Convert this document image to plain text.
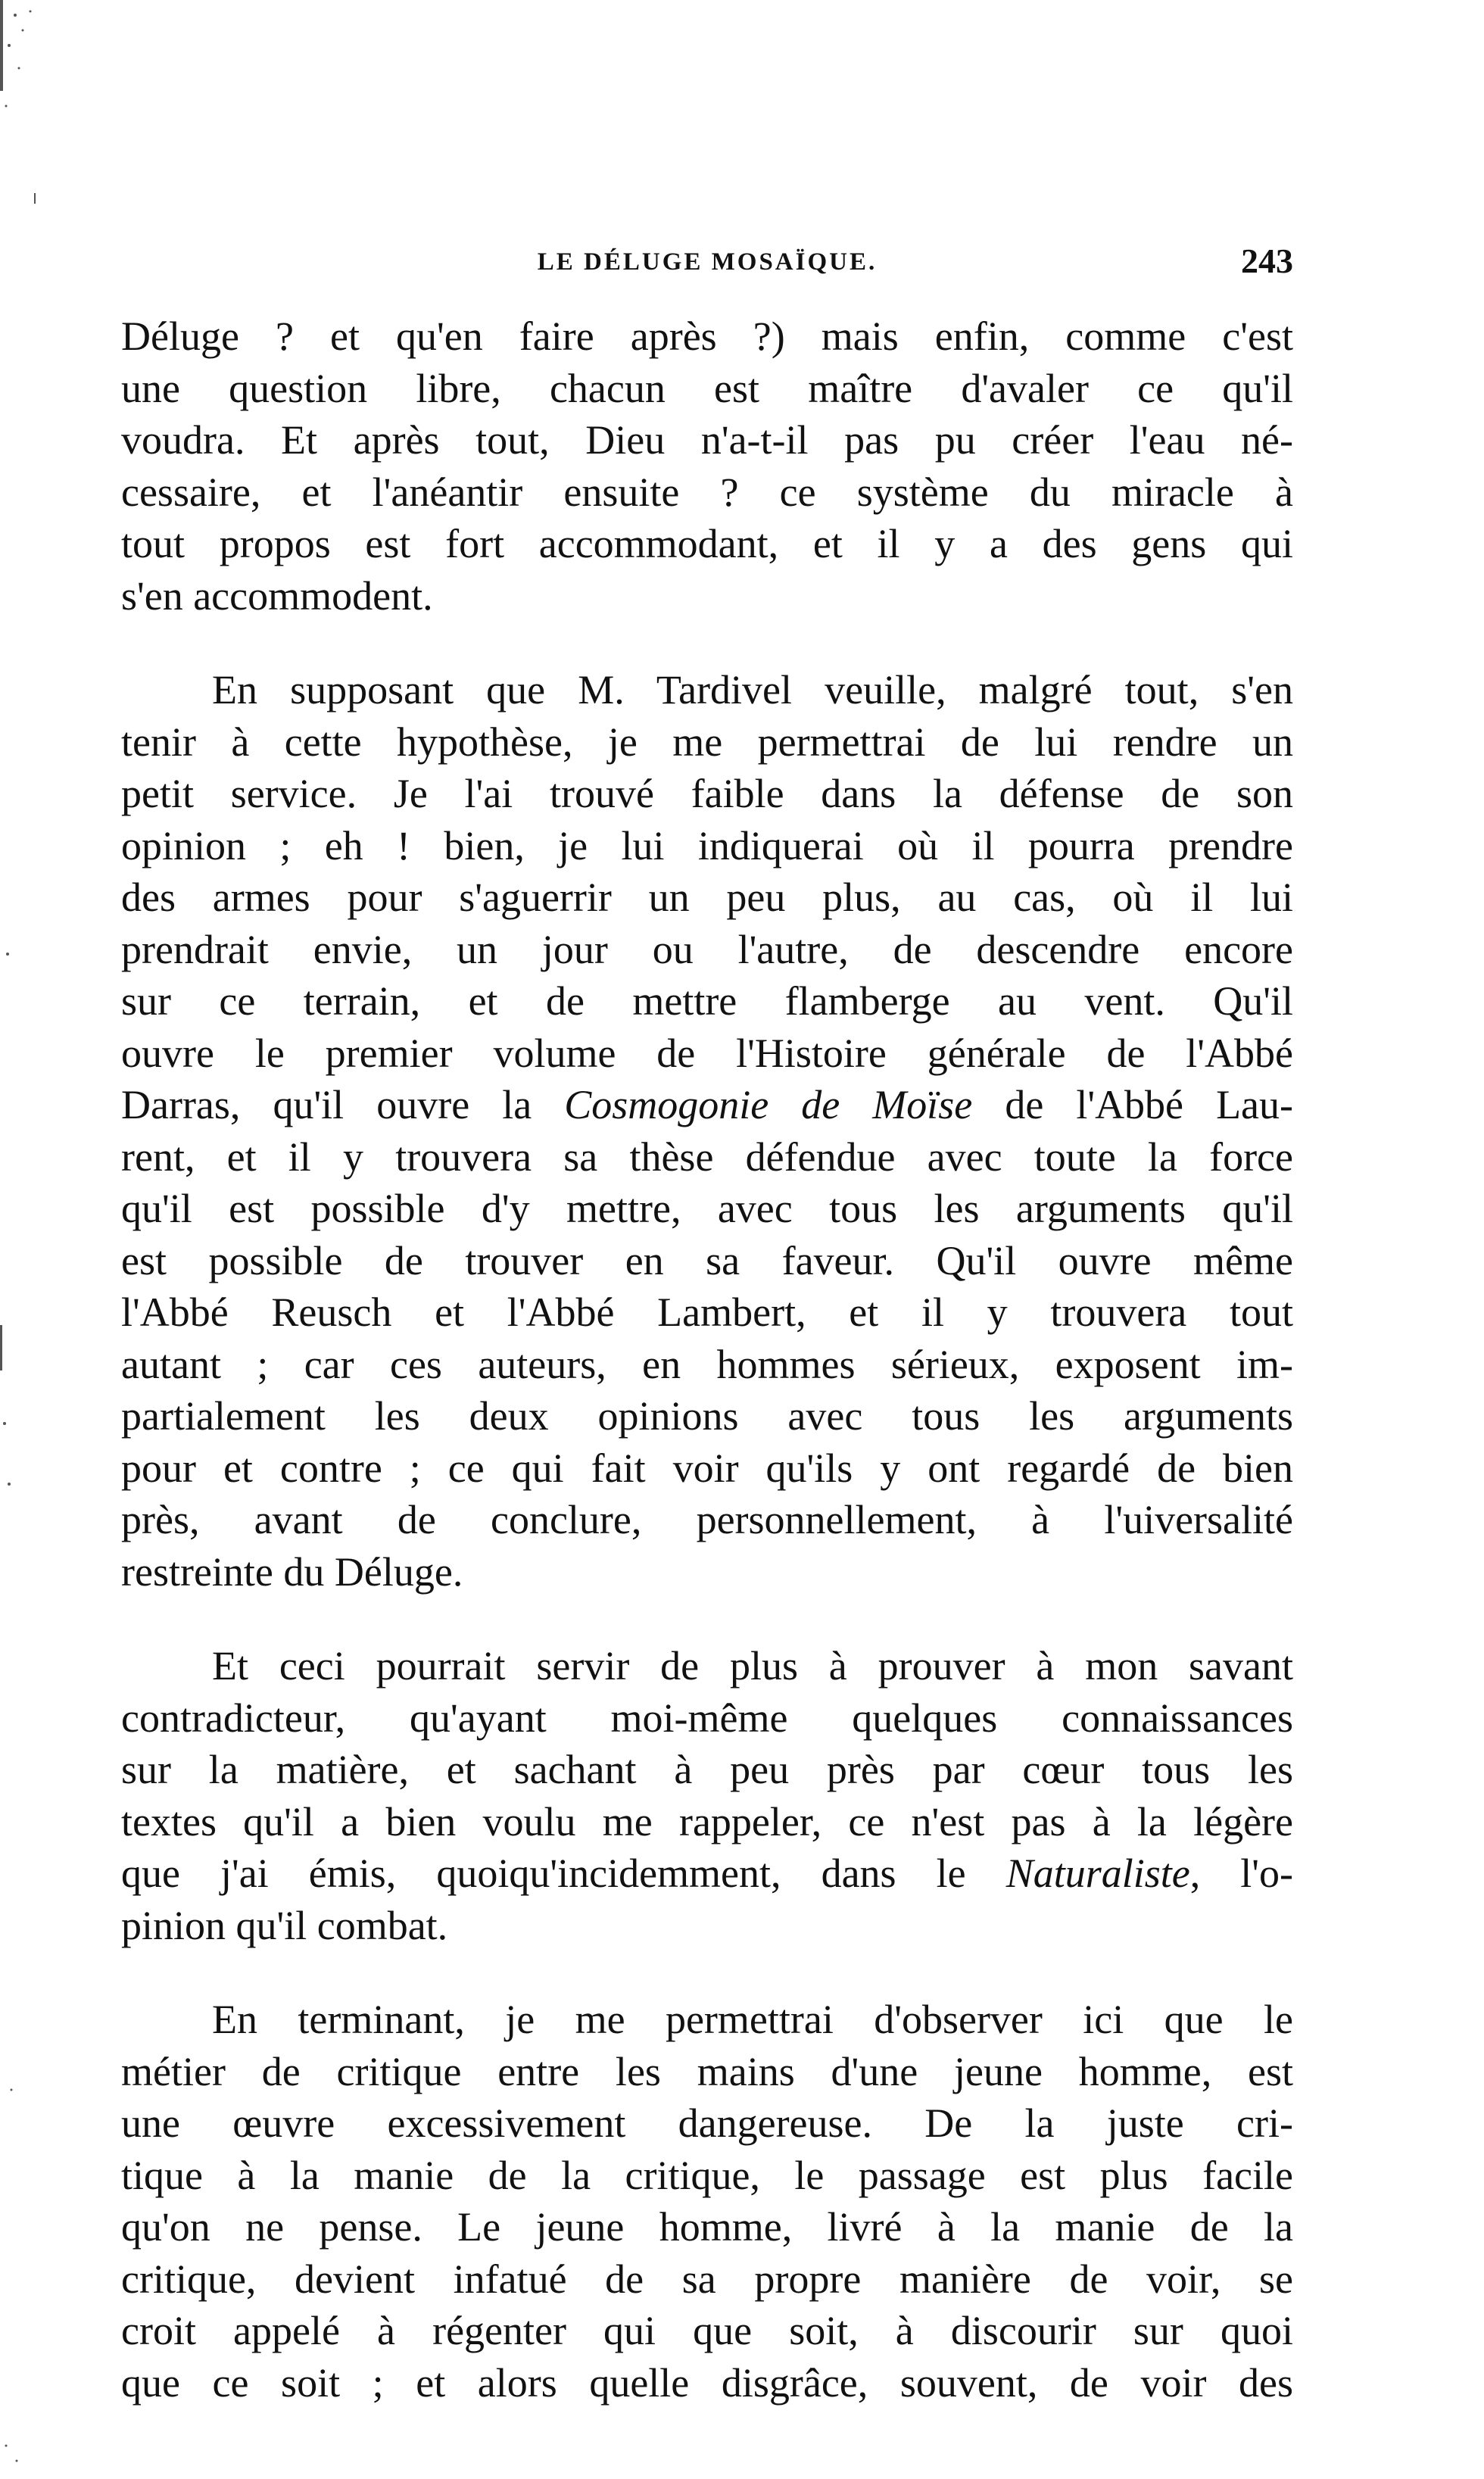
LE DÉLUGE MOSAÏQUE.	243
Déluge ? et qu'en faire après ?) mais enfin, comme c'est
une question libre, chacun est maître d'avaler ce qu'il
voudra. Et après tout, Dieu n'a-t-il pas pu créer l'eau né-
cessaire, et l'anéantir ensuite ? ce système du miracle à
tout propos est fort accommodant, et il y a des gens qui
s'en accommodent.
En supposant que M. Tardivel veuille, malgré tout, s'en
tenir à cette hypothèse, je me permettrai de lui rendre un
petit service. Je l'ai trouvé faible dans la défense de son
opinion ; eh ! bien, je lui indiquerai où il pourra prendre
des armes pour s'aguerrir un peu plus, au cas, où il lui
prendrait envie, un jour ou l'autre, de descendre encore
sur ce terrain, et de mettre flamberge au vent. Qu'il
ouvre le premier volume de l'Histoire générale de l'Abbé
Darras, qu'il ouvre la Cosmogonie de Moïse de l'Abbé Lau-
rent, et il y trouvera sa thèse défendue avec toute la force
qu'il est possible d'y mettre, avec tous les arguments qu'il
est possible de trouver en sa faveur. Qu'il ouvre même
l'Abbé Reusch et l'Abbé Lambert, et il y trouvera tout
autant ; car ces auteurs, en hommes sérieux, exposent im-
partialement les deux opinions avec tous les arguments
pour et contre ; ce qui fait voir qu'ils y ont regardé de bien
près, avant de conclure, personnellement, à l'uiversalité
restreinte du Déluge.
Et ceci pourrait servir de plus à prouver à mon savant
contradicteur, qu'ayant moi-même quelques connaissances
sur la matière, et sachant à peu près par cœur tous les
textes qu'il a bien voulu me rappeler, ce n'est pas à la légère
que j'ai émis, quoiqu'incidemment, dans le Naturaliste, l'o-
pinion qu'il combat.
En terminant, je me permettrai d'observer ici que le
métier de critique entre les mains d'une jeune homme, est
une œuvre excessivement dangereuse. De la juste cri-
tique à la manie de la critique, le passage est plus facile
qu'on ne pense. Le jeune homme, livré à la manie de la
critique, devient infatué de sa propre manière de voir, se
croit appelé à régenter qui que soit, à discourir sur quoi
que ce soit ; et alors quelle disgrâce, souvent, de voir des
